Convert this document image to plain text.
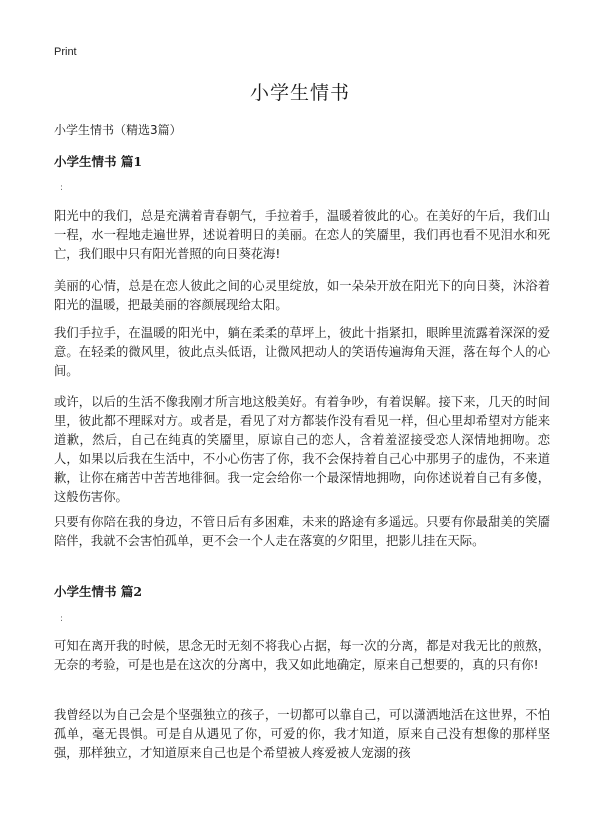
Print
小学生情书
小学生情书（精选3篇）
小学生情书 篇1
:

阳光中的我们，总是充满着青春朝气，手拉着手，温暖着彼此的心。在美好的午后，我们山一程，水一程地走遍世界，述说着明日的美丽。在恋人的笑靥里，我们再也看不见泪水和死亡，我们眼中只有阳光普照的向日葵花海!

美丽的心情，总是在恋人彼此之间的心灵里绽放，如一朵朵开放在阳光下的向日葵，沐浴着阳光的温暖，把最美丽的容颜展现给太阳。

我们手拉手，在温暖的阳光中，躺在柔柔的草坪上，彼此十指紧扣，眼眸里流露着深深的爱意。在轻柔的微风里，彼此点头低语，让微风把动人的笑语传遍海角天涯，落在每个人的心间。

或许，以后的生活不像我刚才所言地这般美好。有着争吵，有着误解。接下来，几天的时间里，彼此都不理睬对方。或者是，看见了对方都装作没有看见一样，但心里却希望对方能来道歉，然后，自己在纯真的笑靥里，原谅自己的恋人，含着羞涩接受恋人深情地拥吻。恋人，如果以后我在生活中，不小心伤害了你，我不会保持着自己心中那男子的虚伪，不来道歉，让你在痛苦中苦苦地徘徊。我一定会给你一个最深情地拥吻，向你述说着自己有多傻，这般伤害你。

只要有你陪在我的身边，不管日后有多困难，未来的路途有多遥远。只要有你最甜美的笑靥陪伴，我就不会害怕孤单，更不会一个人走在落寞的夕阳里，把影儿挂在天际。

小学生情书 篇2
:

可知在离开我的时候，思念无时无刻不将我心占据，每一次的分离，都是对我无比的煎熬，无奈的考验，可是也是在这次的分离中，我又如此地确定，原来自己想要的，真的只有你!

我曾经以为自己会是个坚强独立的孩子，一切都可以靠自己，可以潇洒地活在这世界，不怕孤单，毫无畏惧。可是自从遇见了你，可爱的你，我才知道，原来自己没有想像的那样坚强，那样独立，才知道原来自己也是个希望被人疼爱被人宠溺的孩
